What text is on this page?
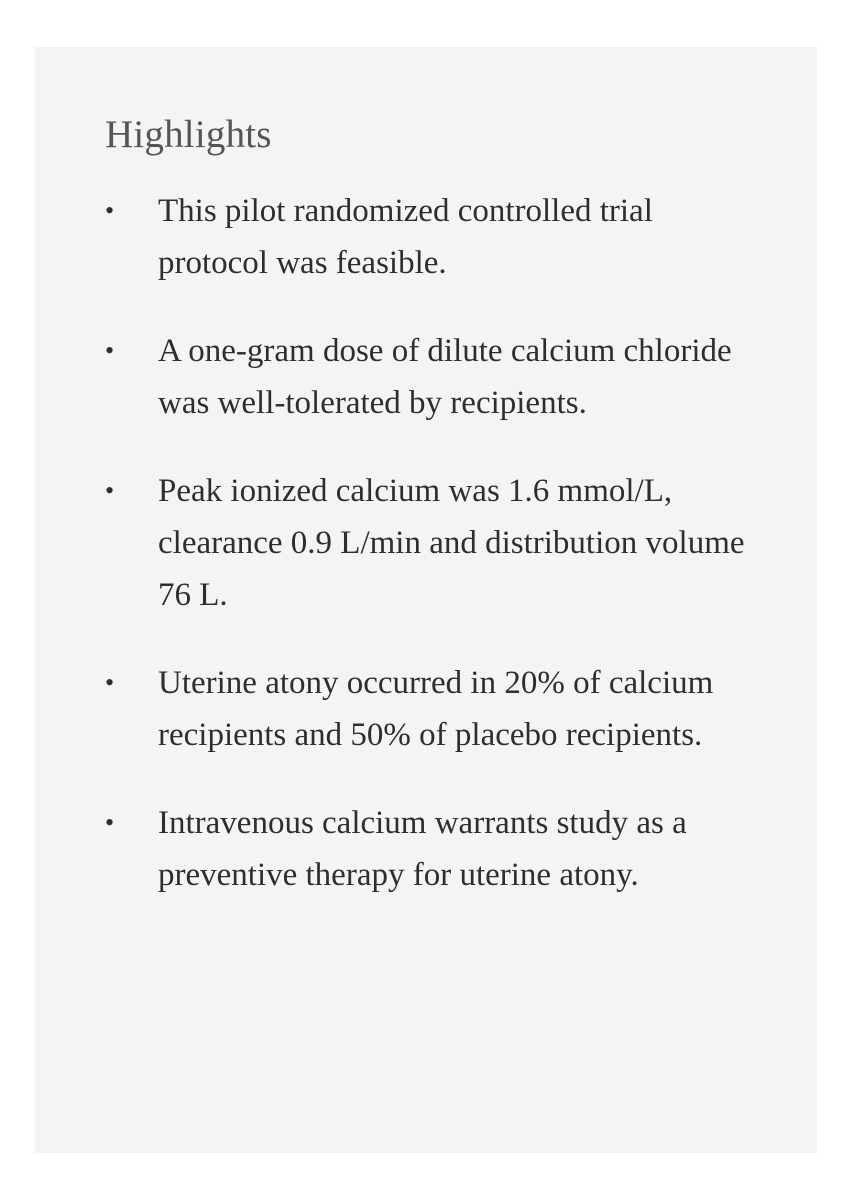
Highlights
•	This pilot randomized controlled trial protocol was feasible.
•	A one-gram dose of dilute calcium chloride was well-tolerated by recipients.
•	Peak ionized calcium was 1.6 mmol/L, clearance 0.9 L/min and distribution volume 76 L.
•	Uterine atony occurred in 20% of calcium recipients and 50% of placebo recipients.
•	Intravenous calcium warrants study as a preventive therapy for uterine atony.
